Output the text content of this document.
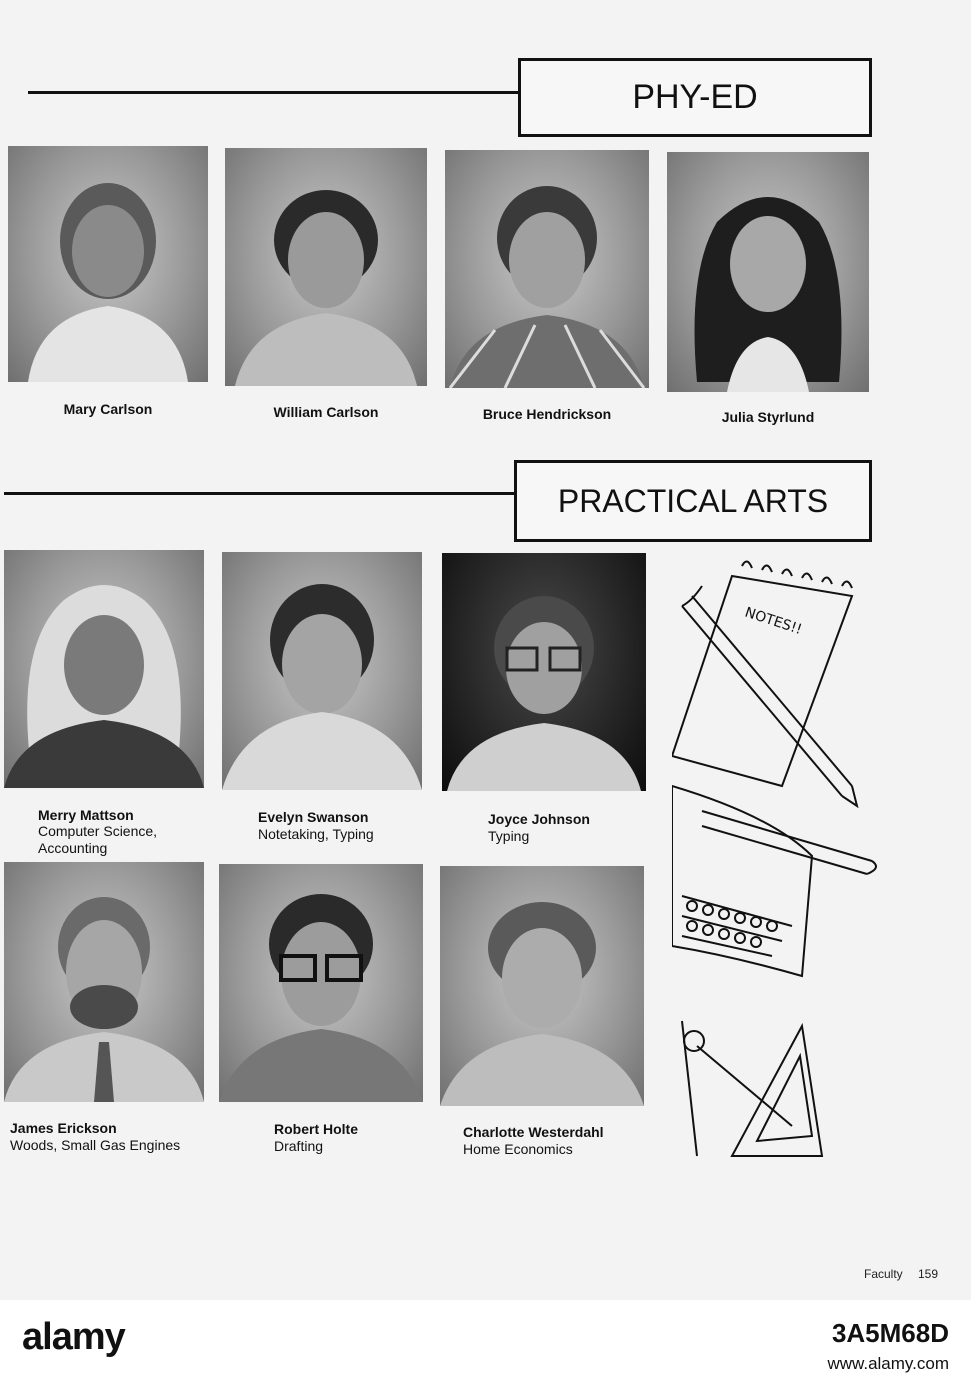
PHY-ED
Mary Carlson	William Carlson	Bruce Hendrickson	Julia Styrlund
PRACTICAL ARTS
Merry Mattson
Computer Science,
Accounting
Evelyn Swanson
Notetaking, Typing
Joyce Johnson
Typing
James Erickson
Woods, Small Gas Engines
Robert Holte
Drafting
Charlotte Westerdahl
Home Economics
NOTES!!
Faculty 159
alamy	3A5M68D
www.alamy.com
